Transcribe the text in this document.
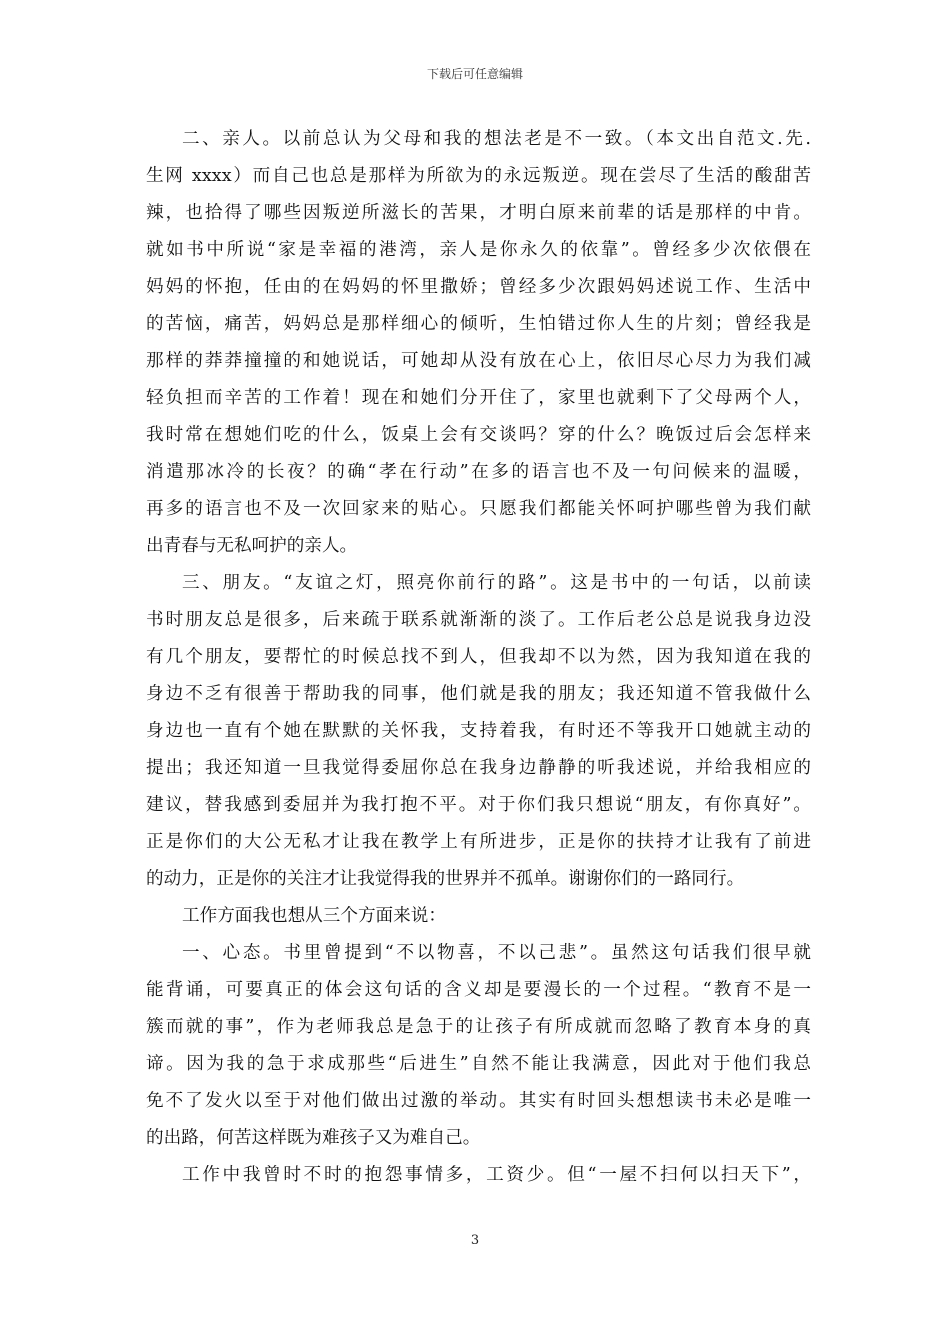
下载后可任意编辑
二、亲人。以前总认为父母和我的想法老是不一致。（本文出自范文.先.
生网 xxxx）而自己也总是那样为所欲为的永远叛逆。现在尝尽了生活的酸甜苦
辣，也拾得了哪些因叛逆所滋长的苦果，才明白原来前辈的话是那样的中肯。
就如书中所说“家是幸福的港湾，亲人是你永久的依靠”。曾经多少次依偎在
妈妈的怀抱，任由的在妈妈的怀里撒娇；曾经多少次跟妈妈述说工作、生活中
的苦恼，痛苦，妈妈总是那样细心的倾听，生怕错过你人生的片刻；曾经我是
那样的莽莽撞撞的和她说话，可她却从没有放在心上，依旧尽心尽力为我们减
轻负担而辛苦的工作着！现在和她们分开住了，家里也就剩下了父母两个人，
我时常在想她们吃的什么，饭桌上会有交谈吗？穿的什么？晚饭过后会怎样来
消遣那冰冷的长夜？的确“孝在行动”在多的语言也不及一句问候来的温暖，
再多的语言也不及一次回家来的贴心。只愿我们都能关怀呵护哪些曾为我们献
出青春与无私呵护的亲人。
三、朋友。“友谊之灯，照亮你前行的路”。这是书中的一句话，以前读
书时朋友总是很多，后来疏于联系就渐渐的淡了。工作后老公总是说我身边没
有几个朋友，要帮忙的时候总找不到人，但我却不以为然，因为我知道在我的
身边不乏有很善于帮助我的同事，他们就是我的朋友；我还知道不管我做什么
身边也一直有个她在默默的关怀我，支持着我，有时还不等我开口她就主动的
提出；我还知道一旦我觉得委屈你总在我身边静静的听我述说，并给我相应的
建议，替我感到委屈并为我打抱不平。对于你们我只想说“朋友，有你真好”。
正是你们的大公无私才让我在教学上有所进步，正是你的扶持才让我有了前进
的动力，正是你的关注才让我觉得我的世界并不孤单。谢谢你们的一路同行。
工作方面我也想从三个方面来说：
一、心态。书里曾提到“不以物喜，不以己悲”。虽然这句话我们很早就
能背诵，可要真正的体会这句话的含义却是要漫长的一个过程。“教育不是一
簇而就的事”，作为老师我总是急于的让孩子有所成就而忽略了教育本身的真
谛。因为我的急于求成那些“后进生”自然不能让我满意，因此对于他们我总
免不了发火以至于对他们做出过激的举动。其实有时回头想想读书未必是唯一
的出路，何苦这样既为难孩子又为难自己。
工作中我曾时不时的抱怨事情多，工资少。但“一屋不扫何以扫天下”，
3
